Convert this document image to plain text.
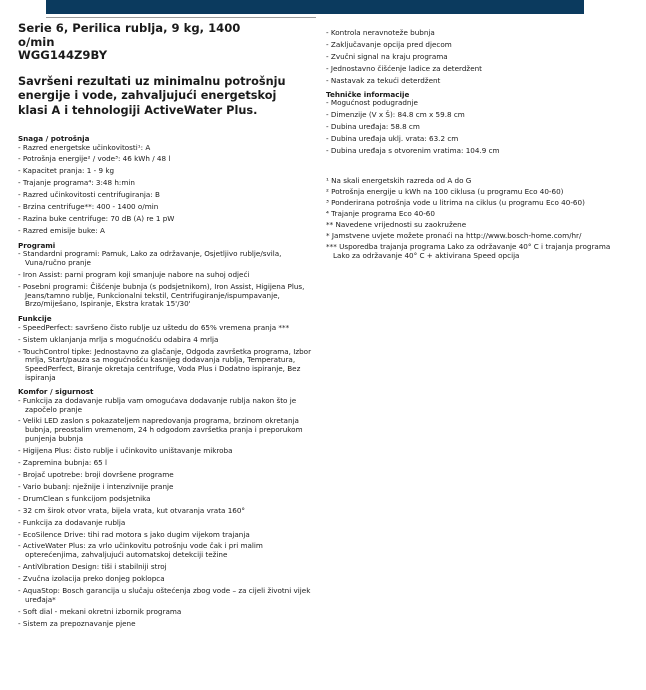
Serie 6, Perilica rublja, 9 kg, 1400
o/min
WGG144Z9BY
Savršeni rezultati uz minimalnu potrošnju
energije i vode, zahvaljujući energetskoj
klasi A i tehnologiji ActiveWater Plus.
Snaga / potrošnja
- Razred energetske učinkovitosti¹: A
- Potrošnja energije² / vode³: 46 kWh / 48 l
- Kapacitet pranja: 1 - 9 kg
- Trajanje programa⁴: 3:48 h:min
- Razred učinkovitosti centrifugiranja: B
- Brzina centrifuge**: 400 - 1400 o/min
- Razina buke centrifuge: 70 dB (A) re 1 pW
- Razred emisije buke: A
Programi
- Standardni programi: Pamuk, Lako za održavanje, Osjetljivo rublje/svila, Vuna/ručno pranje
- Iron Assist: parni program koji smanjuje nabore na suhoj odjeći
- Posebni programi: Čišćenje bubnja (s podsjetnikom), Iron Assist, Higijena Plus, Jeans/tamno rublje, Funkcionalni tekstil, Centrifugiranje/ispumpavanje, Brzo/miješano, Ispiranje, Ekstra kratak 15'/30'
Funkcije
- SpeedPerfect: savršeno čisto rublje uz uštedu do 65% vremena pranja ***
- Sistem uklanjanja mrlja s mogućnošću odabira 4 mrlja
- TouchControl tipke: Jednostavno za glačanje, Odgoda završetka programa, Izbor mrlja, Start/pauza sa mogućnošću kasnijeg dodavanja rublja, Temperatura, SpeedPerfect, Biranje okretaja centrifuge, Voda Plus i Dodatno ispiranje, Bez ispiranja
Komfor / sigurnost
- Funkcija za dodavanje rublja vam omogućava dodavanje rublja nakon što je započelo pranje
- Veliki LED zaslon s pokazateljem napredovanja programa, brzinom okretanja bubnja, preostalim vremenom, 24 h odgodom završetka pranja i preporukom punjenja bubnja
- Higijena Plus: čisto rublje i učinkovito uništavanje mikroba
- Zapremina bubnja: 65 l
- Brojač upotrebe: broji dovršene programe
- Vario bubanj: nježnije i intenzivnije pranje
- DrumClean s funkcijom podsjetnika
- 32 cm širok otvor vrata, bijela vrata, kut otvaranja vrata 160°
- Funkcija za dodavanje rublja
- EcoSilence Drive: tihi rad motora s jako dugim vijekom trajanja
- ActiveWater Plus: za vrlo učinkovitu potrošnju vode čak i pri malim opterećenjima, zahvaljujući automatskoj detekciji težine
- AntiVibration Design: tiši i stabilniji stroj
- Zvučna izolacija preko donjeg poklopca
- AquaStop: Bosch garancija u slučaju oštećenja zbog vode – za cijeli životni vijek uređaja*
- Soft dial - mekani okretni izbornik programa
- Sistem za prepoznavanje pjene
- Kontrola neravnoteže bubnja
- Zaključavanje opcija pred djecom
- Zvučni signal na kraju programa
- Jednostavno čišćenje ladice za deterdžent
- Nastavak za tekući deterdžent
Tehničke informacije
- Mogućnost podugradnje
- Dimenzije (V x Š): 84.8 cm x 59.8 cm
- Dubina uređaja: 58.8 cm
- Dubina uređaja uklj. vrata: 63.2 cm
- Dubina uređaja s otvorenim vratima: 104.9 cm
¹ Na skali energetskih razreda od A do G
² Potrošnja energije u kWh na 100 ciklusa (u programu Eco 40-60)
³ Ponderirana potrošnja vode u litrima na ciklus (u programu Eco 40-60)
⁴ Trajanje programa Eco 40-60
** Navedene vrijednosti su zaokružene
* Jamstvene uvjete možete pronaći na http://www.bosch-home.com/hr/
*** Usporedba trajanja programa Lako za održavanje 40° C i trajanja programa Lako za održavanje 40° C + aktivirana Speed opcija
